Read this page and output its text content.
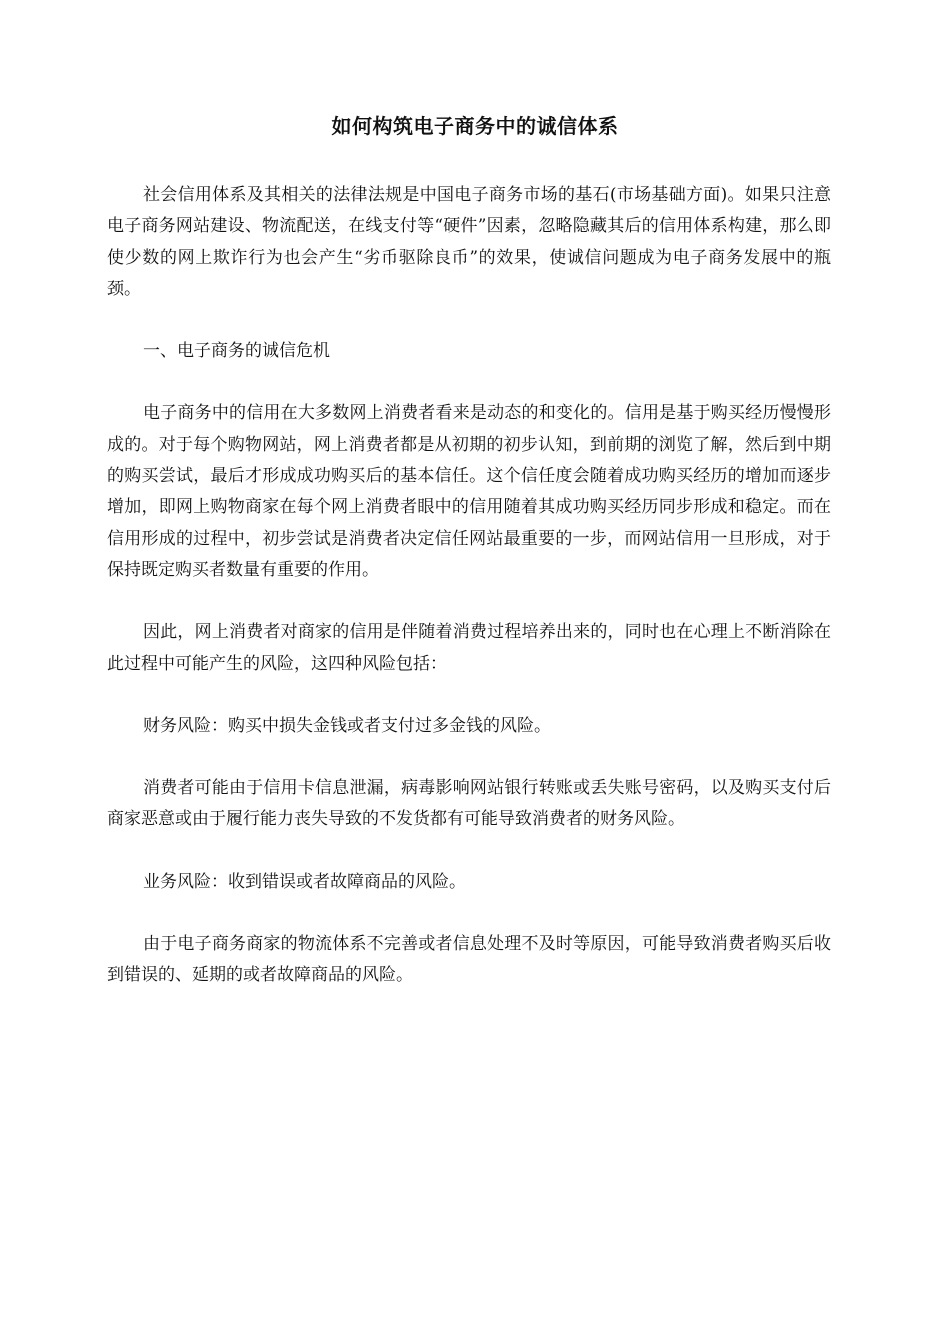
如何构筑电子商务中的诚信体系

社会信用体系及其相关的法律法规是中国电子商务市场的基石(市场基础方面)。如果只注意电子商务网站建设、物流配送，在线支付等“硬件”因素，忽略隐藏其后的信用体系构建，那么即使少数的网上欺诈行为也会产生“劣币驱除良币”的效果，使诚信问题成为电子商务发展中的瓶颈。

一、电子商务的诚信危机

电子商务中的信用在大多数网上消费者看来是动态的和变化的。信用是基于购买经历慢慢形成的。对于每个购物网站，网上消费者都是从初期的初步认知，到前期的浏览了解，然后到中期的购买尝试，最后才形成成功购买后的基本信任。这个信任度会随着成功购买经历的增加而逐步增加，即网上购物商家在每个网上消费者眼中的信用随着其成功购买经历同步形成和稳定。而在信用形成的过程中，初步尝试是消费者决定信任网站最重要的一步，而网站信用一旦形成，对于保持既定购买者数量有重要的作用。

因此，网上消费者对商家的信用是伴随着消费过程培养出来的，同时也在心理上不断消除在此过程中可能产生的风险，这四种风险包括：

财务风险：购买中损失金钱或者支付过多金钱的风险。

消费者可能由于信用卡信息泄漏，病毒影响网站银行转账或丢失账号密码，以及购买支付后商家恶意或由于履行能力丧失导致的不发货都有可能导致消费者的财务风险。

业务风险：收到错误或者故障商品的风险。

由于电子商务商家的物流体系不完善或者信息处理不及时等原因，可能导致消费者购买后收到错误的、延期的或者故障商品的风险。
